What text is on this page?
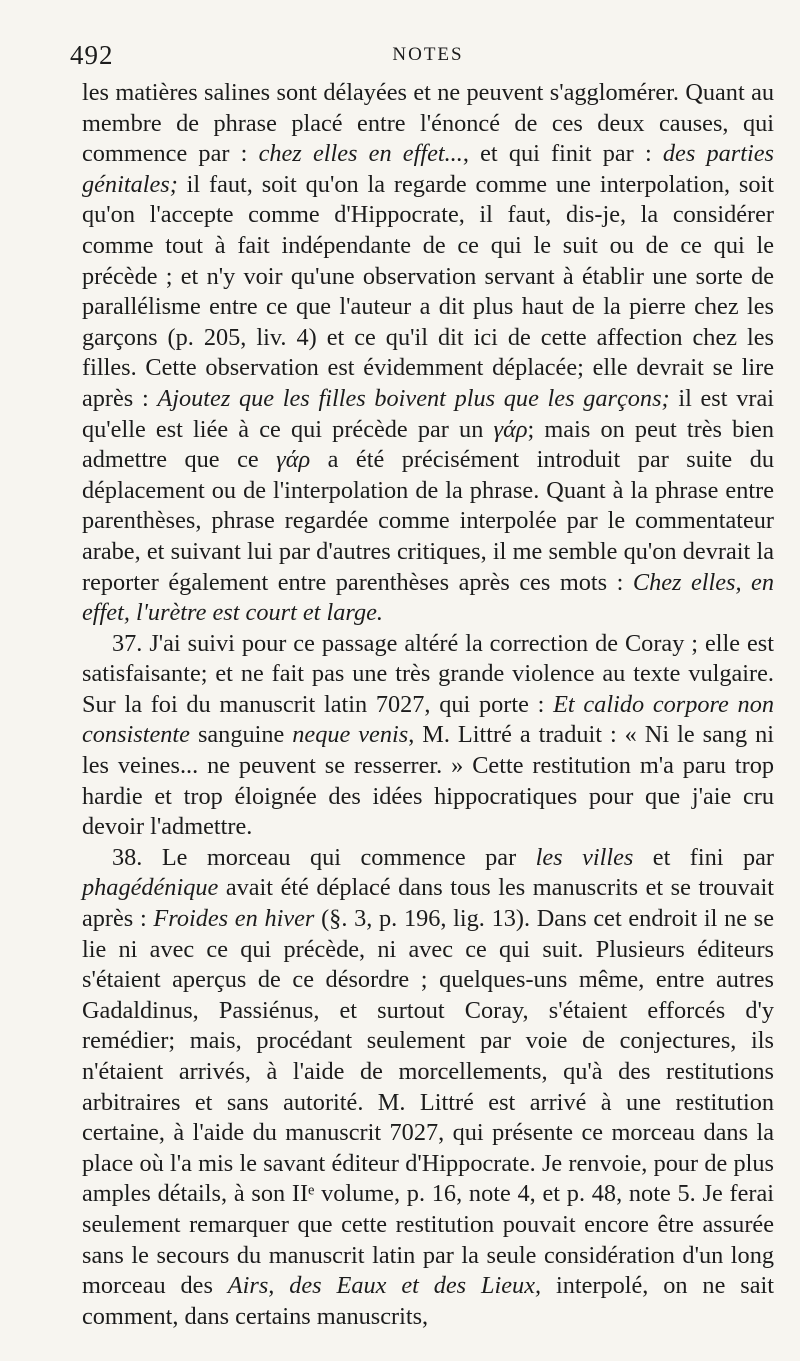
492	NOTES

les matières salines sont délayées et ne peuvent s'agglomérer. Quant au membre de phrase placé entre l'énoncé de ces deux causes, qui commence par : chez elles en effet..., et qui finit par : des parties génitales; il faut, soit qu'on la regarde comme une interpolation, soit qu'on l'accepte comme d'Hippocrate, il faut, dis-je, la considérer comme tout à fait indépendante de ce qui le suit ou de ce qui le précède ; et n'y voir qu'une observation servant à établir une sorte de parallélisme entre ce que l'auteur a dit plus haut de la pierre chez les garçons (p. 205, liv. 4) et ce qu'il dit ici de cette affection chez les filles. Cette observation est évidemment déplacée; elle devrait se lire après : Ajoutez que les filles boivent plus que les garçons; il est vrai qu'elle est liée à ce qui précède par un γάρ; mais on peut très bien admettre que ce γάρ a été précisément introduit par suite du déplacement ou de l'interpolation de la phrase. Quant à la phrase entre parenthèses, phrase regardée comme interpolée par le commentateur arabe, et suivant lui par d'autres critiques, il me semble qu'on devrait la reporter également entre parenthèses après ces mots : Chez elles, en effet, l'urètre est court et large.

37. J'ai suivi pour ce passage altéré la correction de Coray ; elle est satisfaisante; et ne fait pas une très grande violence au texte vulgaire. Sur la foi du manuscrit latin 7027, qui porte : Et calido corpore non consistente sanguine neque venis, M. Littré a traduit : « Ni le sang ni les veines... ne peuvent se resserrer. » Cette restitution m'a paru trop hardie et trop éloignée des idées hippocratiques pour que j'aie cru devoir l'admettre.

38. Le morceau qui commence par les villes et fini par phagédénique avait été déplacé dans tous les manuscrits et se trouvait après : Froides en hiver (§. 3, p. 196, lig. 13). Dans cet endroit il ne se lie ni avec ce qui précède, ni avec ce qui suit. Plusieurs éditeurs s'étaient aperçus de ce désordre ; quelques-uns même, entre autres Gadaldinus, Passiénus, et surtout Coray, s'étaient efforcés d'y remédier; mais, procédant seulement par voie de conjectures, ils n'étaient arrivés, à l'aide de morcellements, qu'à des restitutions arbitraires et sans autorité. M. Littré est arrivé à une restitution certaine, à l'aide du manuscrit 7027, qui présente ce morceau dans la place où l'a mis le savant éditeur d'Hippocrate. Je renvoie, pour de plus amples détails, à son IIᵉ volume, p. 16, note 4, et p. 48, note 5. Je ferai seulement remarquer que cette restitution pouvait encore être assurée sans le secours du manuscrit latin par la seule considération d'un long morceau des Airs, des Eaux et des Lieux, interpolé, on ne sait comment, dans certains manuscrits,
